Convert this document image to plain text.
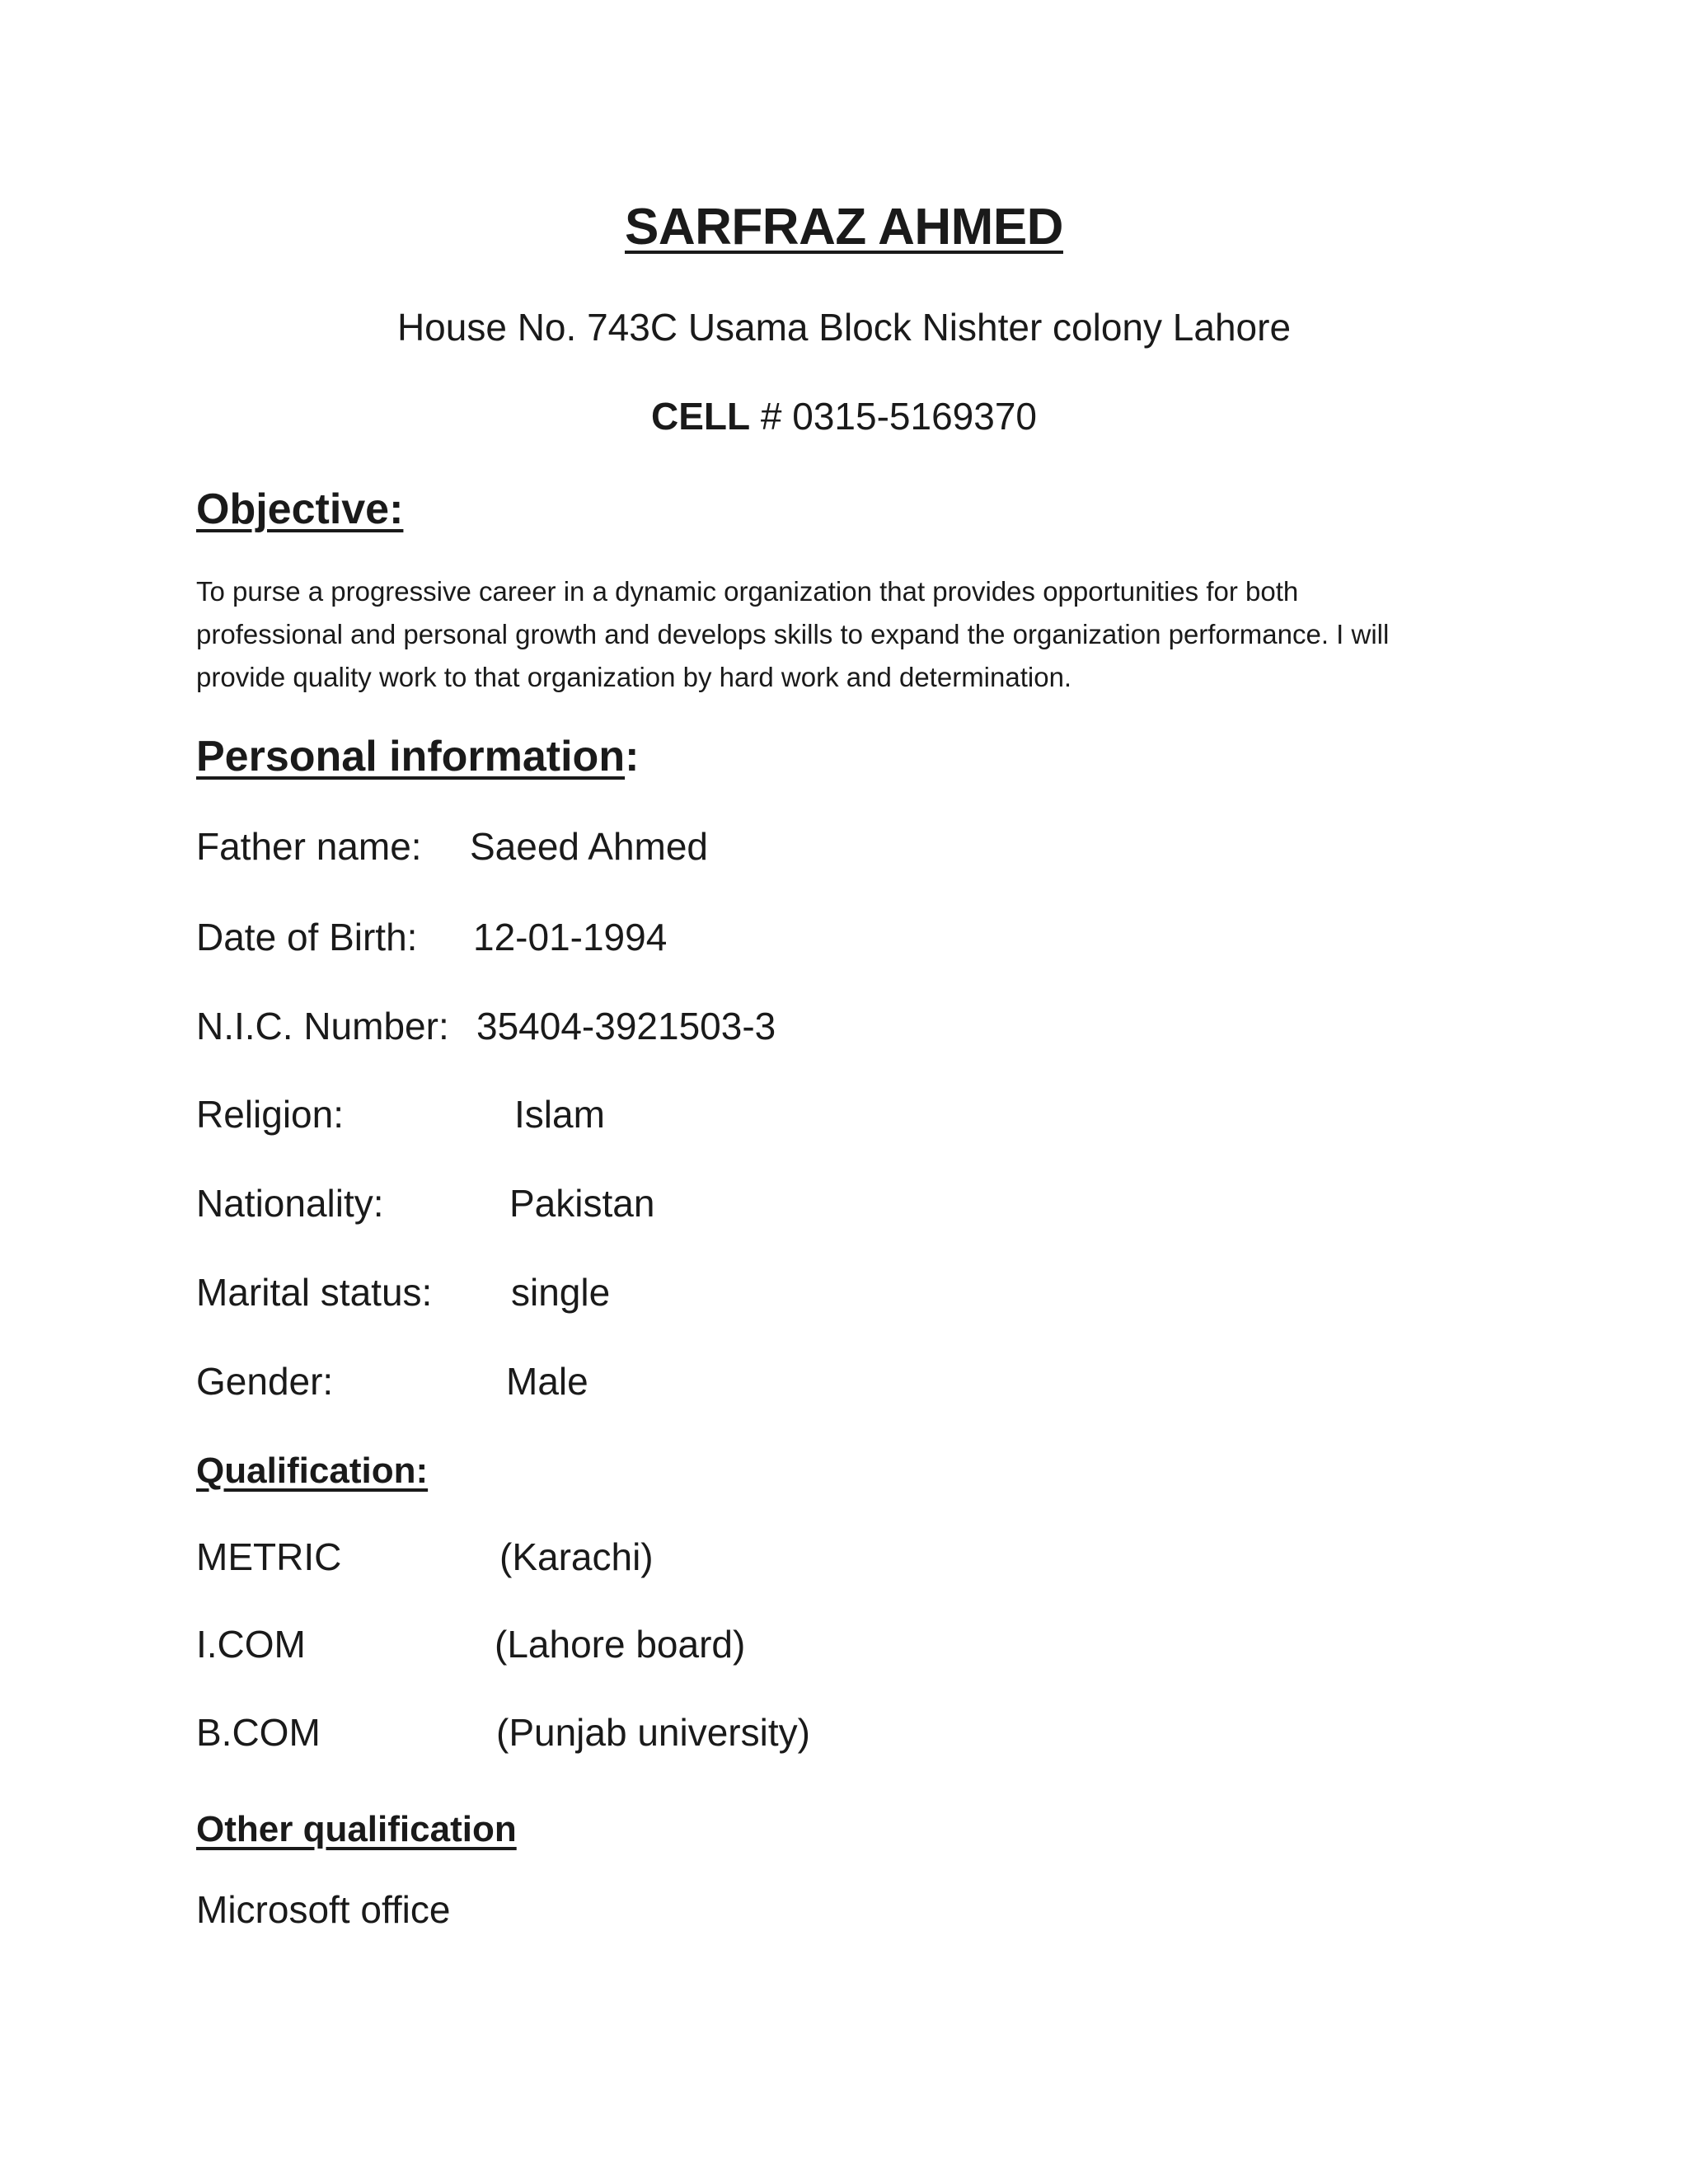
SARFRAZ AHMED
House No. 743C Usama Block Nishter colony Lahore
CELL # 0315-5169370
Objective:
To purse a progressive career in a dynamic organization that provides opportunities for both professional and personal growth and develops skills to expand the organization performance. I will provide quality work to that organization by hard work and determination.
Personal information:
Father name: Saeed Ahmed
Date of Birth: 12-01-1994
N.I.C. Number: 35404-3921503-3
Religion:	Islam
Nationality:	Pakistan
Marital status: single
Gender:	Male
Qualification:
METRIC	(Karachi)
I.COM	(Lahore board)
B.COM	(Punjab university)
Other qualification
Microsoft office
